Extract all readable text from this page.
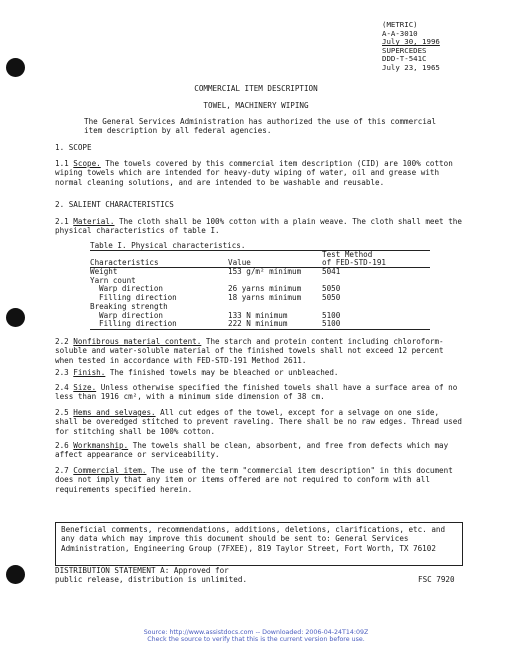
(METRIC)
A-A-3010
July 30, 1996
SUPERCEDES
DDD-T-541C
July 23, 1965
COMMERCIAL ITEM DESCRIPTION
TOWEL, MACHINERY WIPING

The General Services Administration has authorized the use of this commercial item description by all federal agencies.

1. SCOPE

1.1 Scope. The towels covered by this commercial item description (CID) are 100% cotton wiping towels which are intended for heavy-duty wiping of water, oil and grease with normal cleaning solutions, and are intended to be washable and reusable.

2. SALIENT CHARACTERISTICS

2.1 Material. The cloth shall be 100% cotton with a plain weave. The cloth shall meet the physical characteristics of table I.

Table I. Physical characteristics.
Test Method
Characteristics	Value	of FED-STD-191
Weight	153 g/m² minimum	5041
Yarn count
Warp direction	26 yarns minimum	5050
Filling direction	18 yarns minimum	5050
Breaking strength
Warp direction	133 N minimum	5100
Filling direction	222 N minimum	5100

2.2 Nonfibrous material content. The starch and protein content including chloroform-soluble and water-soluble material of the finished towels shall not exceed 12 percent when tested in accordance with FED-STD-191 Method 2611.

2.3 Finish. The finished towels may be bleached or unbleached.

2.4 Size. Unless otherwise specified the finished towels shall have a surface area of no less than 1916 cm², with a minimum side dimension of 38 cm.

2.5 Hems and selvages. All cut edges of the towel, except for a selvage on one side, shall be overedged stitched to prevent raveling. There shall be no raw edges. Thread used for stitching shall be 100% cotton.

2.6 Workmanship. The towels shall be clean, absorbent, and free from defects which may affect appearance or serviceability.

2.7 Commercial item. The use of the term "commercial item description" in this document does not imply that any item or items offered are not required to conform with all requirements specified herein.

Beneficial comments, recommendations, additions, deletions, clarifications, etc. and any data which may improve this document should be sent to: General Services Administration, Engineering Group (7FXEE), 819 Taylor Street, Fort Worth, TX 76102

DISTRIBUTION STATEMENT A: Approved for
public release, distribution is unlimited.	FSC 7920
Source: http://www.assistdocs.com -- Downloaded: 2006-04-24T14:09Z
Check the source to verify that this is the current version before use.
